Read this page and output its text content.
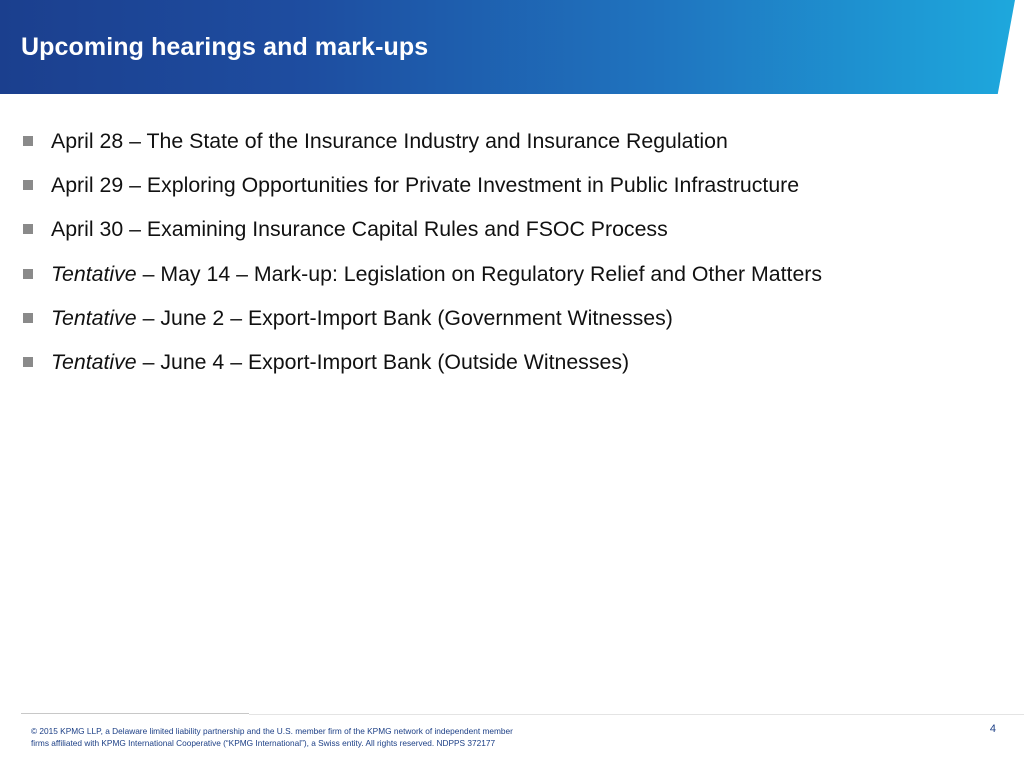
Upcoming hearings and mark-ups
April 28 – The State of the Insurance Industry and Insurance Regulation
April 29 – Exploring Opportunities for Private Investment in Public Infrastructure
April 30 – Examining Insurance Capital Rules and FSOC Process
Tentative – May 14 – Mark-up: Legislation on Regulatory Relief and Other Matters
Tentative – June 2 – Export-Import Bank (Government Witnesses)
Tentative – June 4 – Export-Import Bank (Outside Witnesses)

© 2015 KPMG LLP, a Delaware limited liability partnership and the U.S. member firm of the KPMG network of independent member
firms affiliated with KPMG International Cooperative (“KPMG International”), a Swiss entity. All rights reserved. NDPPS 372177

4
